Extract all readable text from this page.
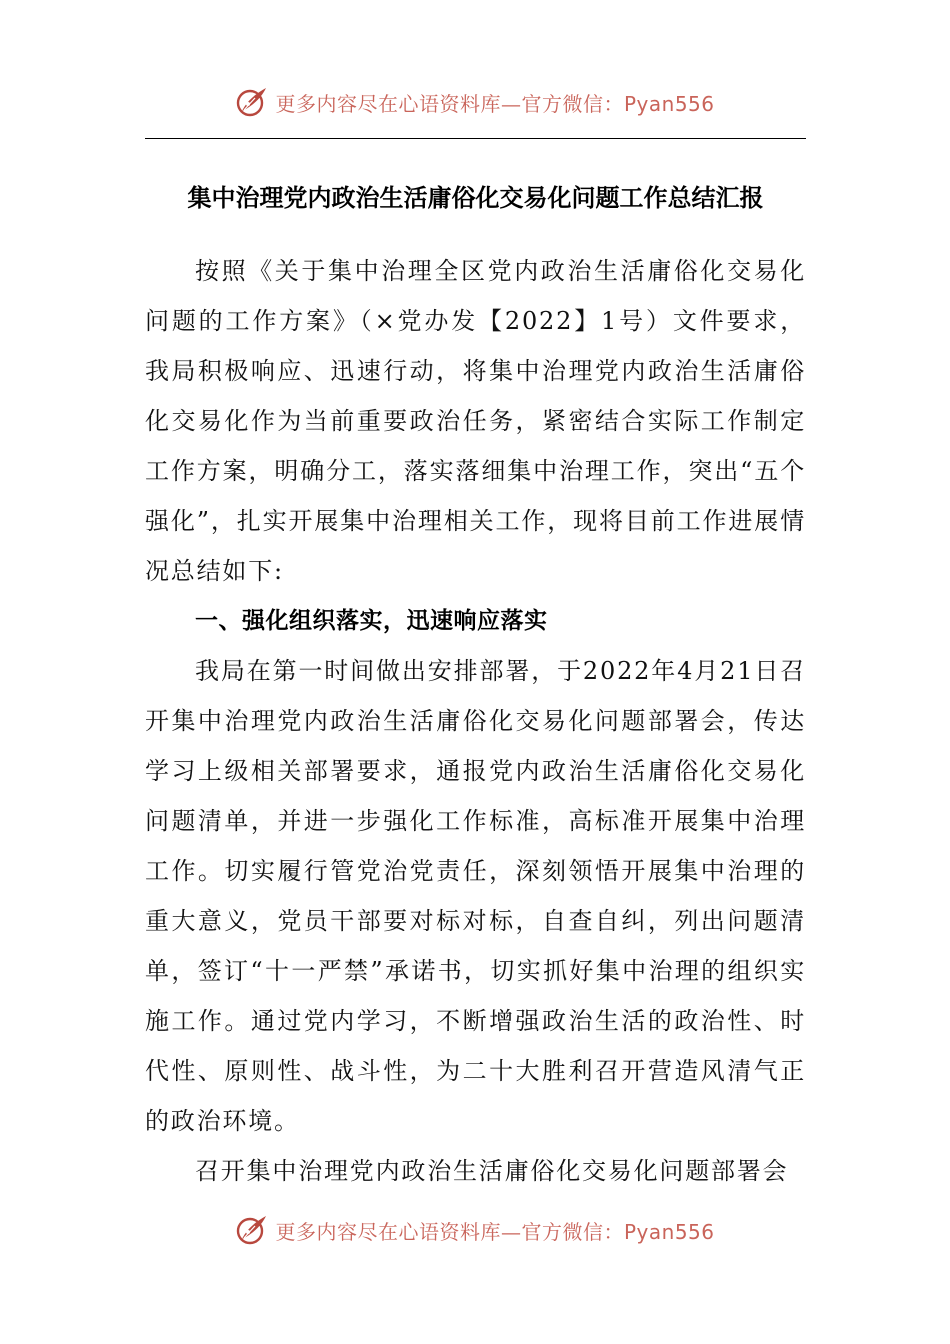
更多内容尽在心语资料库—官方微信：Pyan556
集中治理党内政治生活庸俗化交易化问题工作总结汇报

按照《关于集中治理全区党内政治生活庸俗化交易化问题的工作方案》（×党办发【2022】1号）文件要求，我局积极响应、迅速行动，将集中治理党内政治生活庸俗化交易化作为当前重要政治任务，紧密结合实际工作制定工作方案，明确分工，落实落细集中治理工作，突出“五个强化”，扎实开展集中治理相关工作，现将目前工作进展情况总结如下:

一、强化组织落实，迅速响应落实

我局在第一时间做出安排部署，于2022年4月21日召开集中治理党内政治生活庸俗化交易化问题部署会，传达学习上级相关部署要求，通报党内政治生活庸俗化交易化问题清单，并进一步强化工作标准，高标准开展集中治理工作。切实履行管党治党责任，深刻领悟开展集中治理的重大意义，党员干部要对标对标，自查自纠，列出问题清单，签订“十一严禁”承诺书，切实抓好集中治理的组织实施工作。通过党内学习，不断增强政治生活的政治性、时代性、原则性、战斗性，为二十大胜利召开营造风清气正的政治环境。

召开集中治理党内政治生活庸俗化交易化问题部署会

更多内容尽在心语资料库—官方微信：Pyan556
